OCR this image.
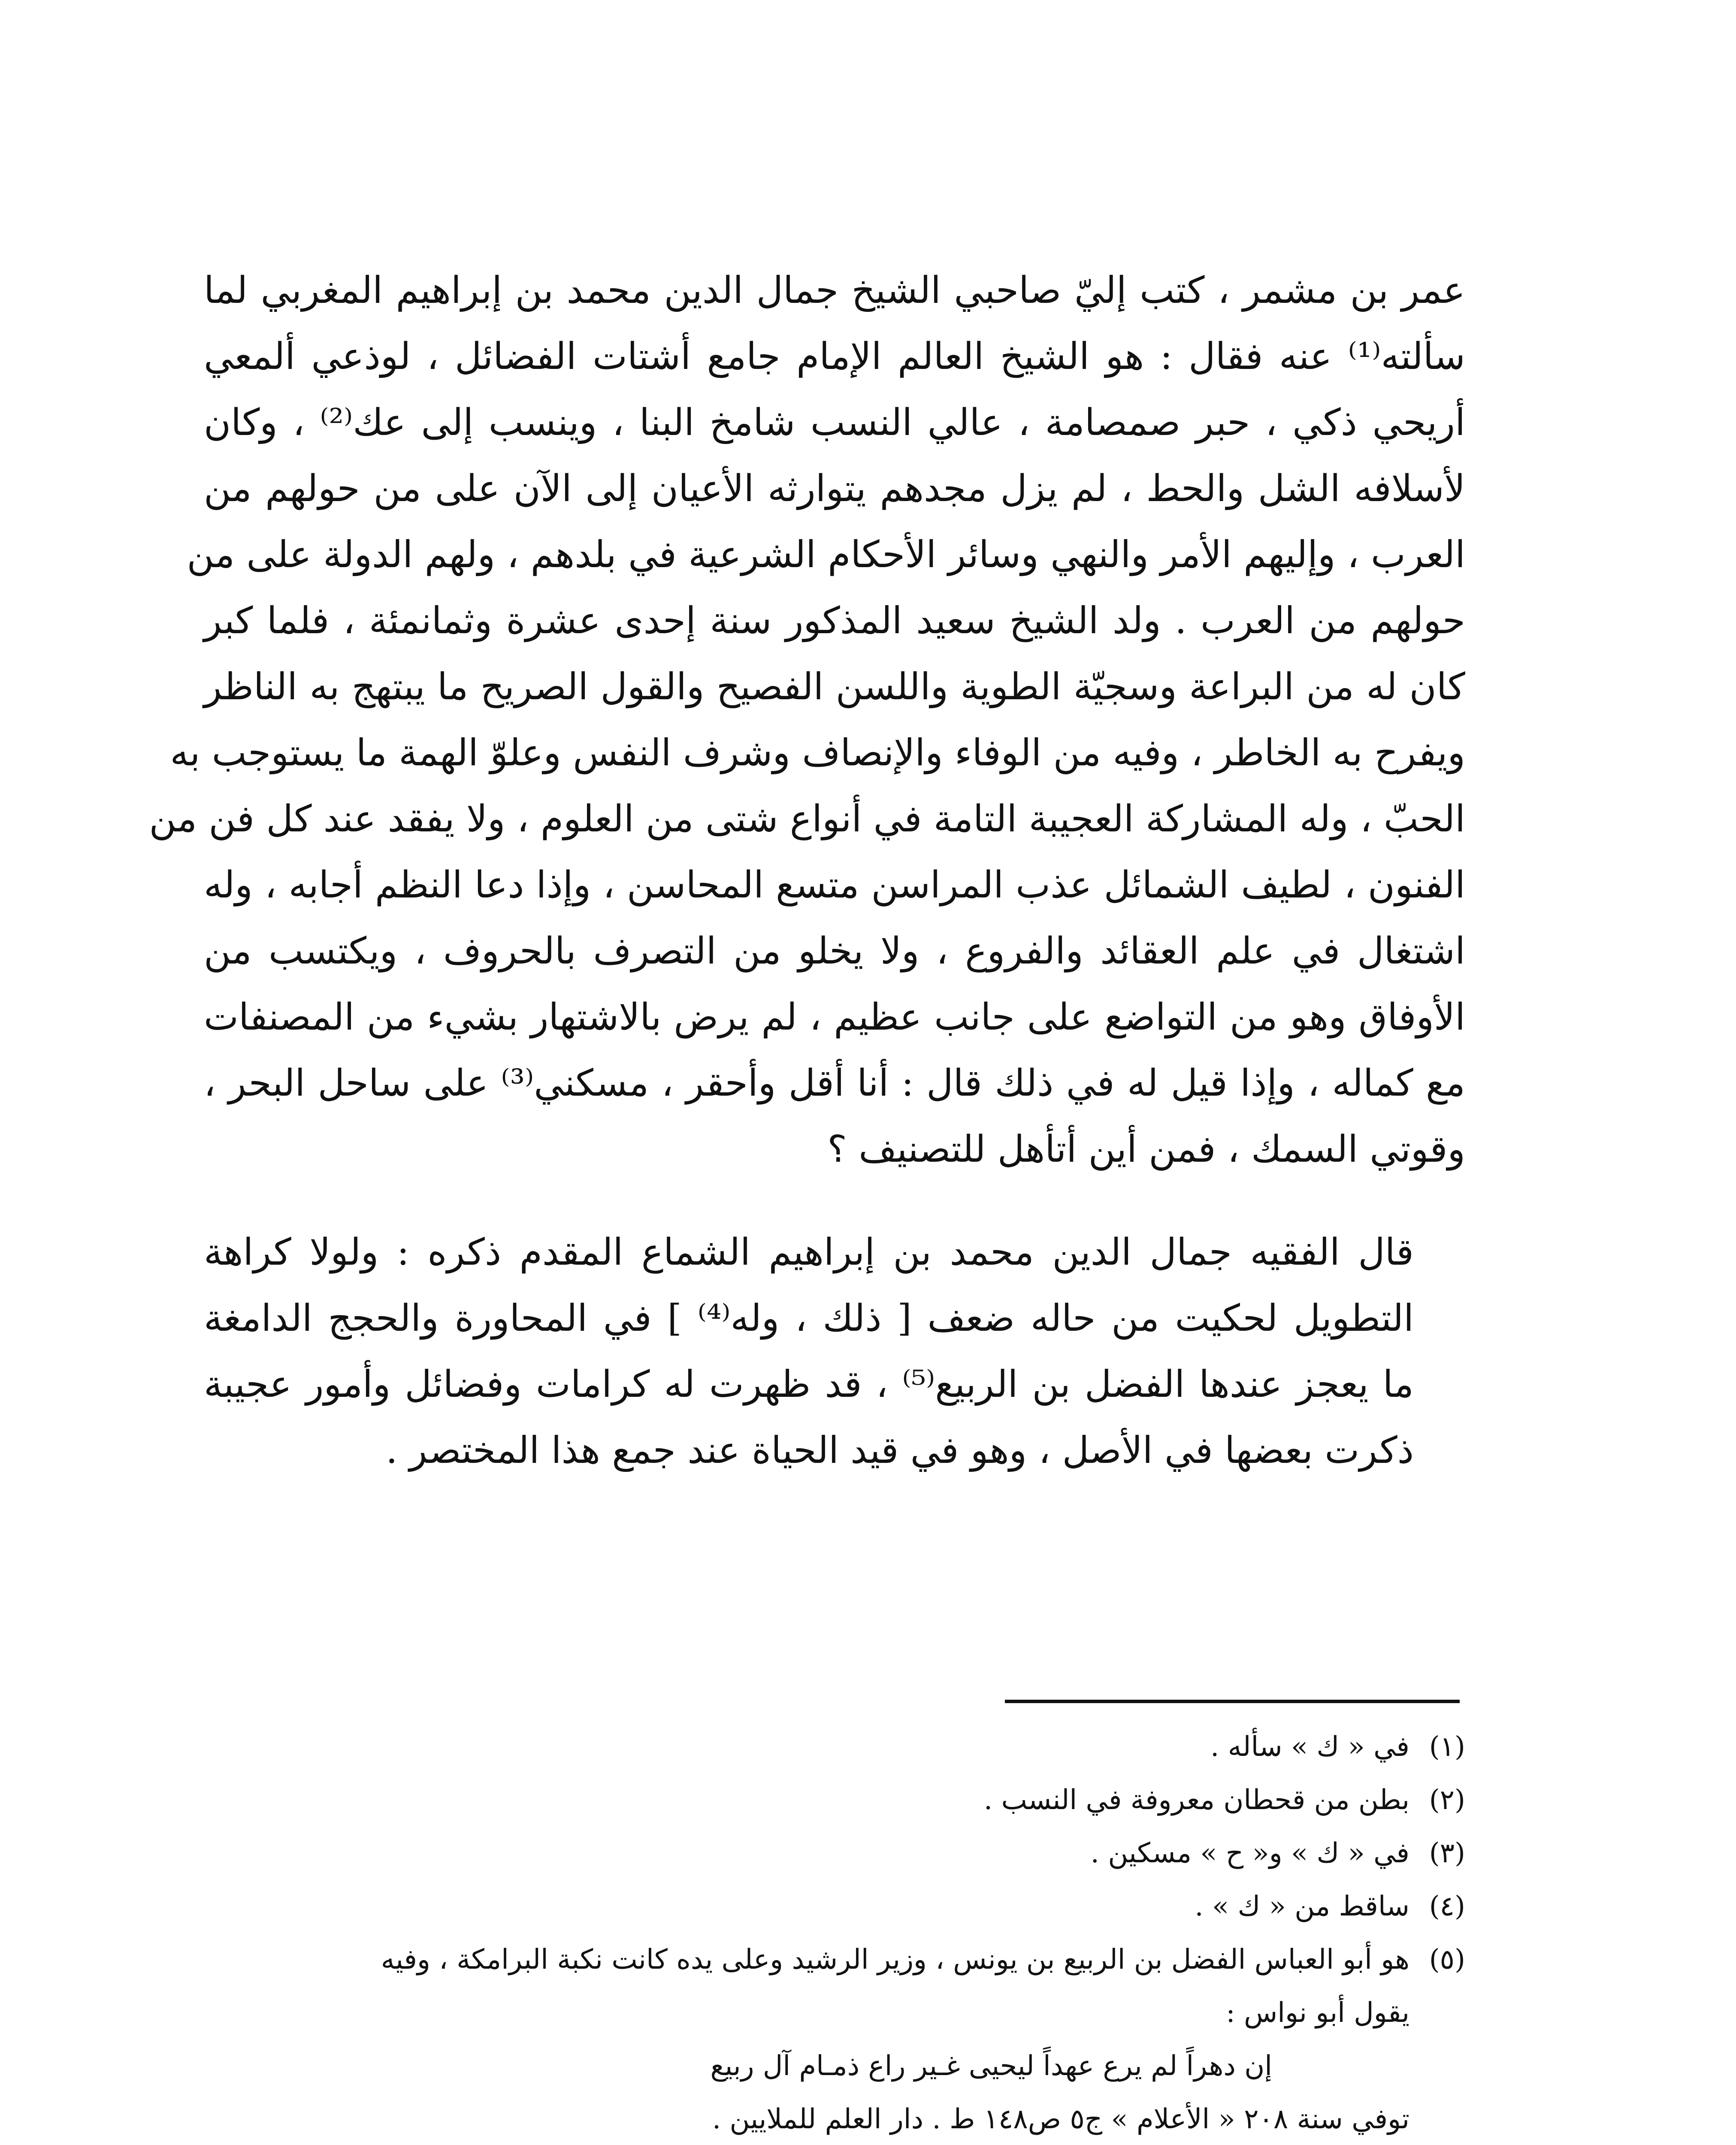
عمر بن مشمر ، كتب إليّ صاحبي الشيخ جمال الدين محمد بن إبراهيم المغربي لما
سألته⁽¹⁾ عنه فقال : هو الشيخ العالم الإمام جامع أشتات الفضائل ، لوذعي ألمعي
أريحي ذكي ، حبر صمصامة ، عالي النسب شامخ البنا ، وينسب إلى عك⁽²⁾ ، وكان
لأسلافه الشل والحط ، لم يزل مجدهم يتوارثه الأعيان إلى الآن على من حولهم من
العرب ، وإليهم الأمر والنهي وسائر الأحكام الشرعية في بلدهم ، ولهم الدولة على من
حولهم من العرب . ولد الشيخ سعيد المذكور سنة إحدى عشرة وثمانمئة ، فلما كبر
كان له من البراعة وسجيّة الطوية واللسن الفصيح والقول الصريح ما يبتهج به الناظر
ويفرح به الخاطر ، وفيه من الوفاء والإنصاف وشرف النفس وعلوّ الهمة ما يستوجب به
الحبّ ، وله المشاركة العجيبة التامة في أنواع شتى من العلوم ، ولا يفقد عند كل فن من
الفنون ، لطيف الشمائل عذب المراسن متسع المحاسن ، وإذا دعا النظم أجابه ، وله
اشتغال في علم العقائد والفروع ، ولا يخلو من التصرف بالحروف ، ويكتسب من
الأوفاق وهو من التواضع على جانب عظيم ، لم يرض بالاشتهار بشيء من المصنفات
مع كماله ، وإذا قيل له في ذلك قال : أنا أقل وأحقر ، مسكني⁽³⁾ على ساحل البحر ،
وقوتي السمك ، فمن أين أتأهل للتصنيف ؟

قال الفقيه جمال الدين محمد بن إبراهيم الشماع المقدم ذكره : ولولا كراهة
التطويل لحكيت من حاله ضعف [ ذلك ، وله⁽⁴⁾ ] في المحاورة والحجج الدامغة
ما يعجز عندها الفضل بن الربيع⁽⁵⁾ ، قد ظهرت له كرامات وفضائل وأمور عجيبة
ذكرت بعضها في الأصل ، وهو في قيد الحياة عند جمع هذا المختصر .

(١)
في « ك » سأله .
(٢)
بطن من قحطان معروفة في النسب .
(٣)
في « ك » و« ح » مسكين .
(٤)
ساقط من « ك » .
(٥)
هو أبو العباس الفضل بن الربيع بن يونس ، وزير الرشيد وعلى يده كانت نكبة البرامكة ، وفيه
يقول أبو نواس :
إن دهراً لم يرع عهداً ليحيى غـير راع ذمـام آل ربيع
توفي سنة ٢٠٨ « الأعلام » ج٥ ص١٤٨ ط . دار العلم للملايين .
